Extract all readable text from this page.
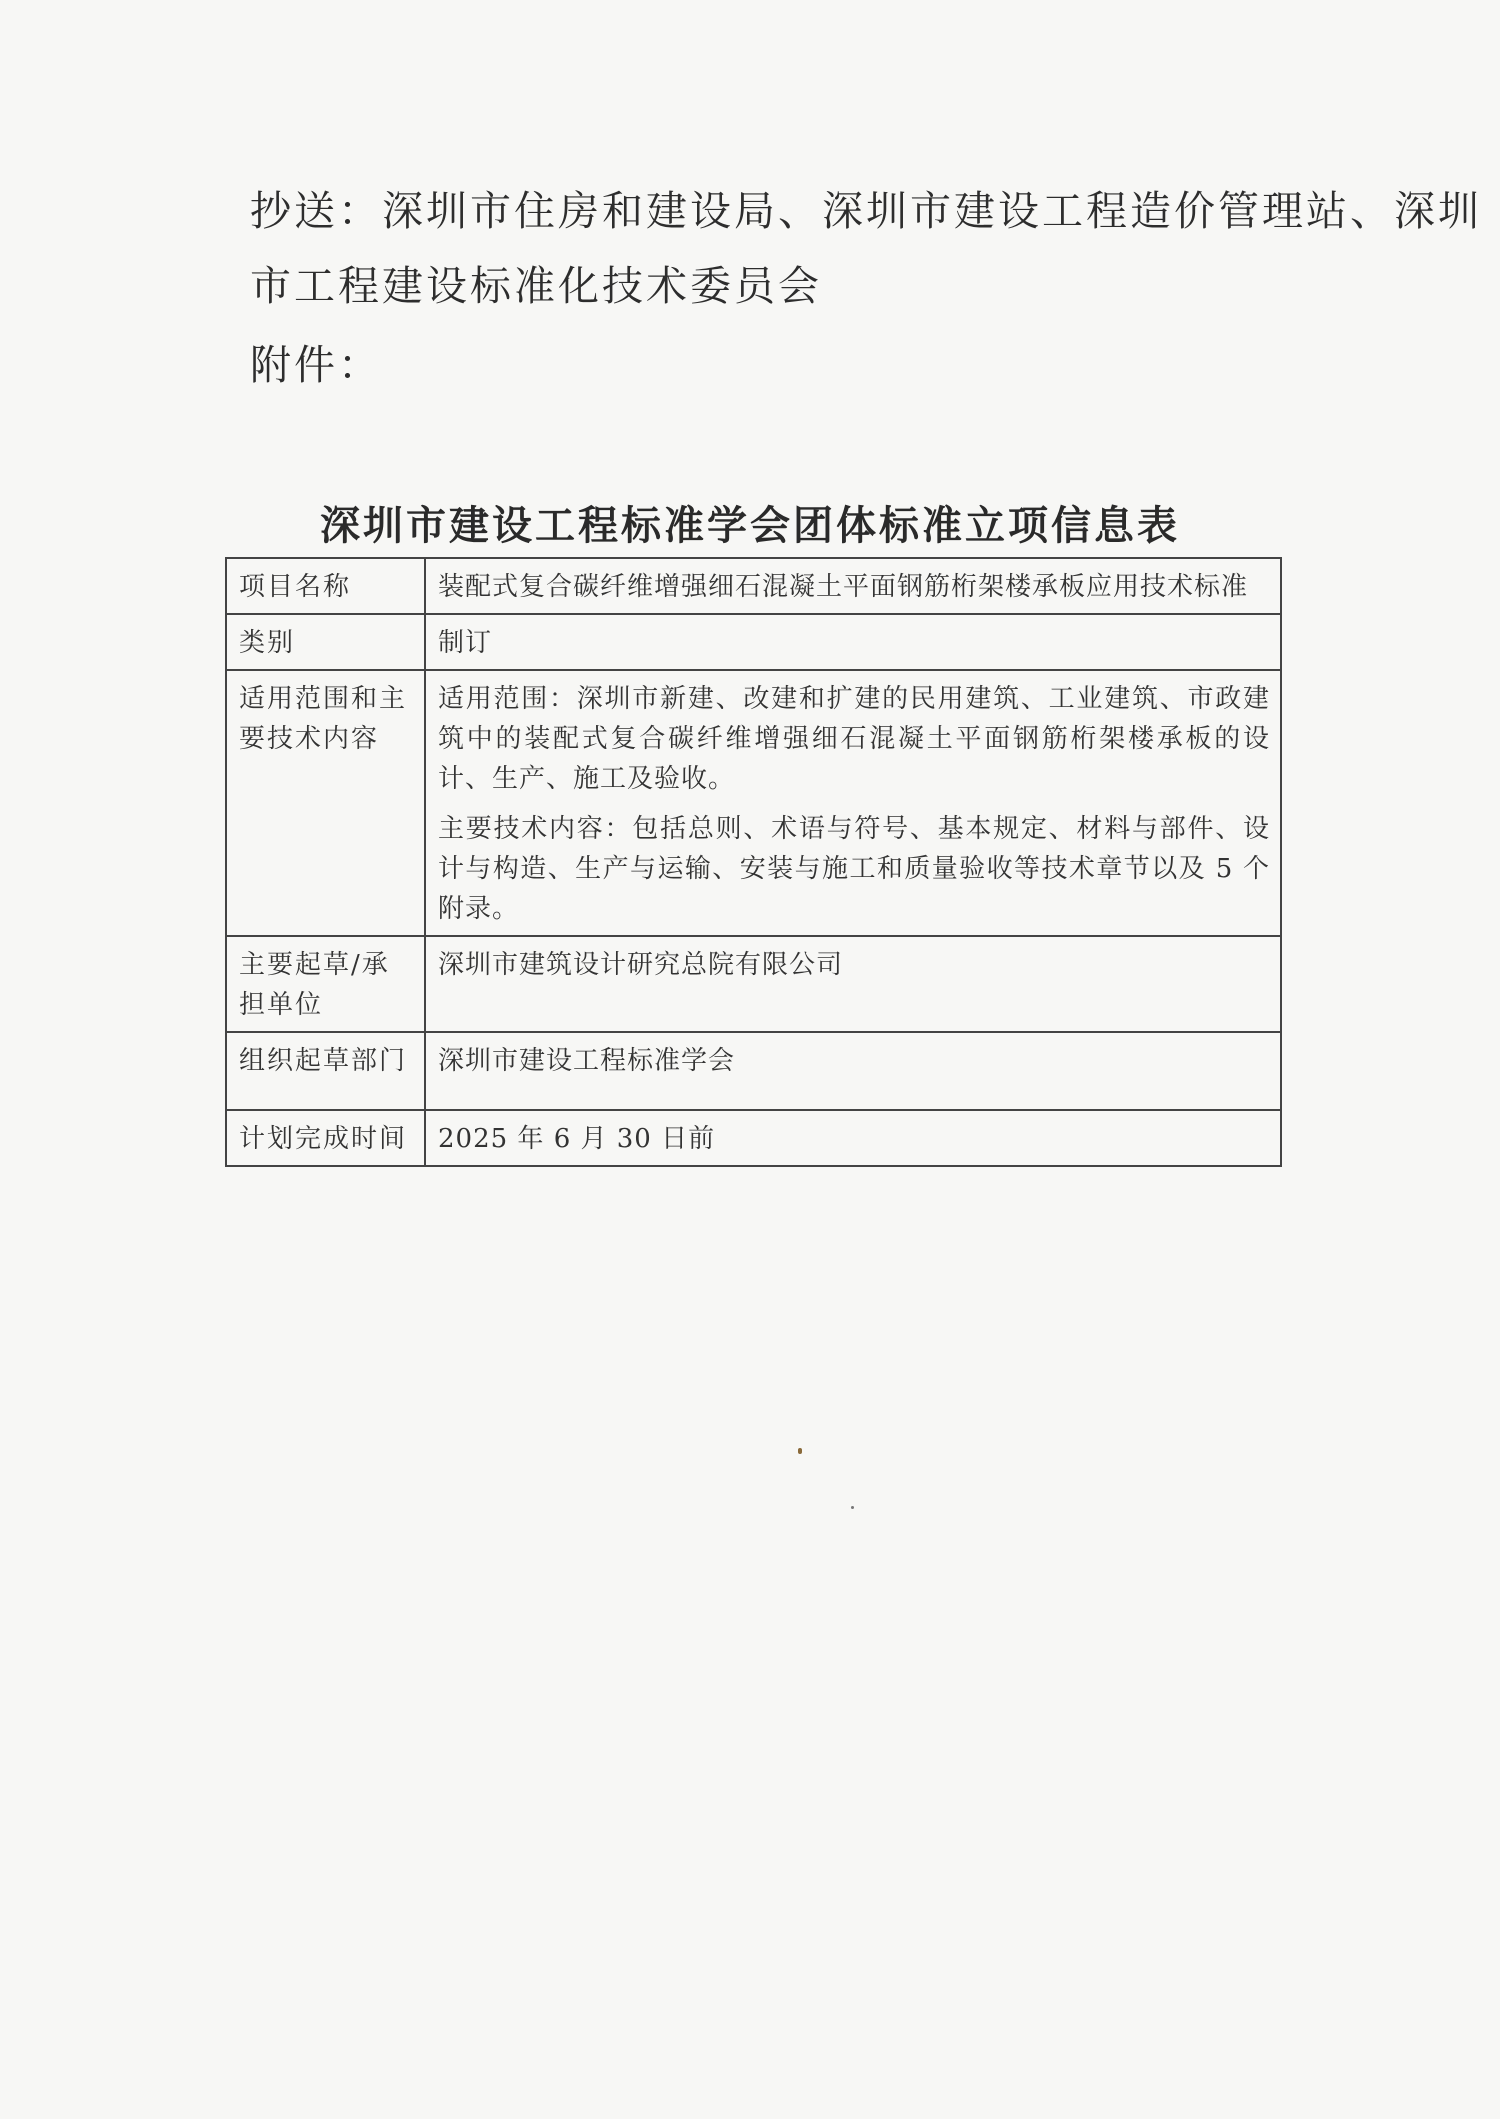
抄送：深圳市住房和建设局、深圳市建设工程造价管理站、深圳
市工程建设标准化技术委员会
附件：
深圳市建设工程标准学会团体标准立项信息表
项目名称	装配式复合碳纤维增强细石混凝土平面钢筋桁架楼承板应用技术标准
类别	制订
适用范围和主要技术内容	适用范围：深圳市新建、改建和扩建的民用建筑、工业建筑、市政建筑中的装配式复合碳纤维增强细石混凝土平面钢筋桁架楼承板的设计、生产、施工及验收。
主要技术内容：包括总则、术语与符号、基本规定、材料与部件、设计与构造、生产与运输、安装与施工和质量验收等技术章节以及 5 个附录。

主要起草/承担单位	深圳市建筑设计研究总院有限公司
组织起草部门	深圳市建设工程标准学会
计划完成时间	2025 年 6 月 30 日前
